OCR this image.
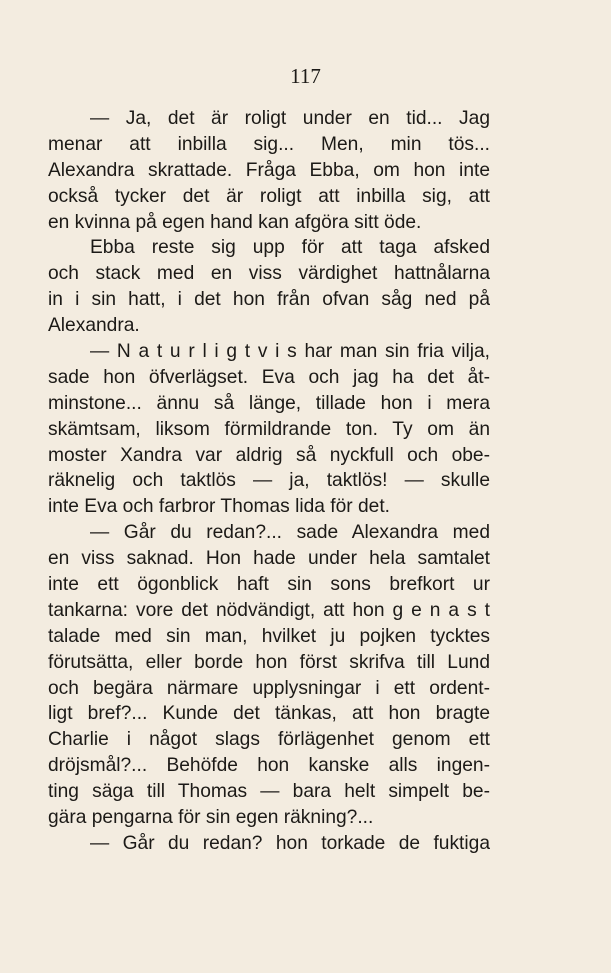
117
— Ja, det är roligt under en tid... Jag
menar att inbilla sig... Men, min tös...
Alexandra skrattade. Fråga Ebba, om hon inte
också tycker det är roligt att inbilla sig, att
en kvinna på egen hand kan afgöra sitt öde.
Ebba reste sig upp för att taga afsked
och stack med en viss värdighet hattnålarna
in i sin hatt, i det hon från ofvan såg ned på
Alexandra.
— N a t u r l i g t v i s har man sin fria vilja,
sade hon öfverlägset. Eva och jag ha det åt-
minstone... ännu så länge, tillade hon i mera
skämtsam, liksom förmildrande ton. Ty om än
moster Xandra var aldrig så nyckfull och obe-
räknelig och taktlös — ja, taktlös! — skulle
inte Eva och farbror Thomas lida för det.
— Går du redan?... sade Alexandra med
en viss saknad. Hon hade under hela samtalet
inte ett ögonblick haft sin sons brefkort ur
tankarna: vore det nödvändigt, att hon g e n a s t
talade med sin man, hvilket ju pojken tycktes
förutsätta, eller borde hon först skrifva till Lund
och begära närmare upplysningar i ett ordent-
ligt bref?... Kunde det tänkas, att hon bragte
Charlie i något slags förlägenhet genom ett
dröjsmål?... Behöfde hon kanske alls ingen-
ting säga till Thomas — bara helt simpelt be-
gära pengarna för sin egen räkning?...
— Går du redan? hon torkade de fuktiga
